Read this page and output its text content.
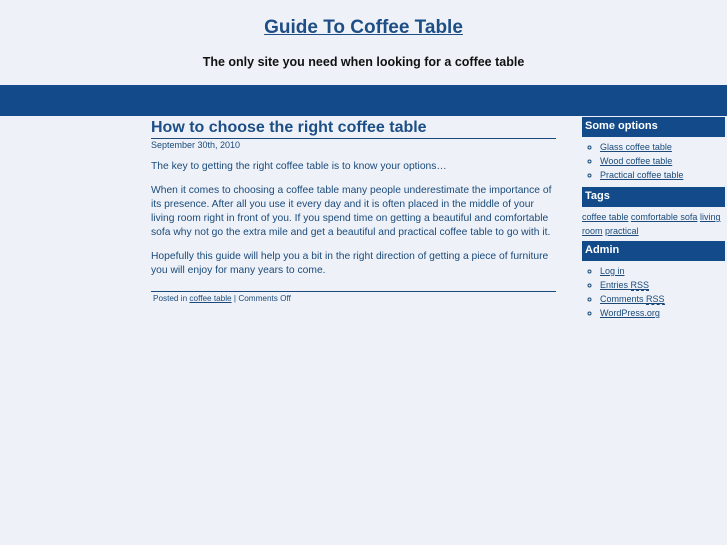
Guide To Coffee Table
The only site you need when looking for a coffee table
How to choose the right coffee table
September 30th, 2010

The key to getting the right coffee table is to know your options…

When it comes to choosing a coffee table many people underestimate the importance of its presence. After all you use it every day and it is often placed in the middle of your living room right in front of you. If you spend time on getting a beautiful and comfortable sofa why not go the extra mile and get a beautiful and practical coffee table to go with it.

Hopefully this guide will help you a bit in the right direction of getting a piece of furniture you will enjoy for many years to come.

Posted in coffee table | Comments Off
Some options
◦ Glass coffee table
◦ Wood coffee table
◦ Practical coffee table
Tags
coffee table comfortable sofa living room practical
Admin
◦ Log in
◦ Entries RSS
◦ Comments RSS
◦ WordPress.org
